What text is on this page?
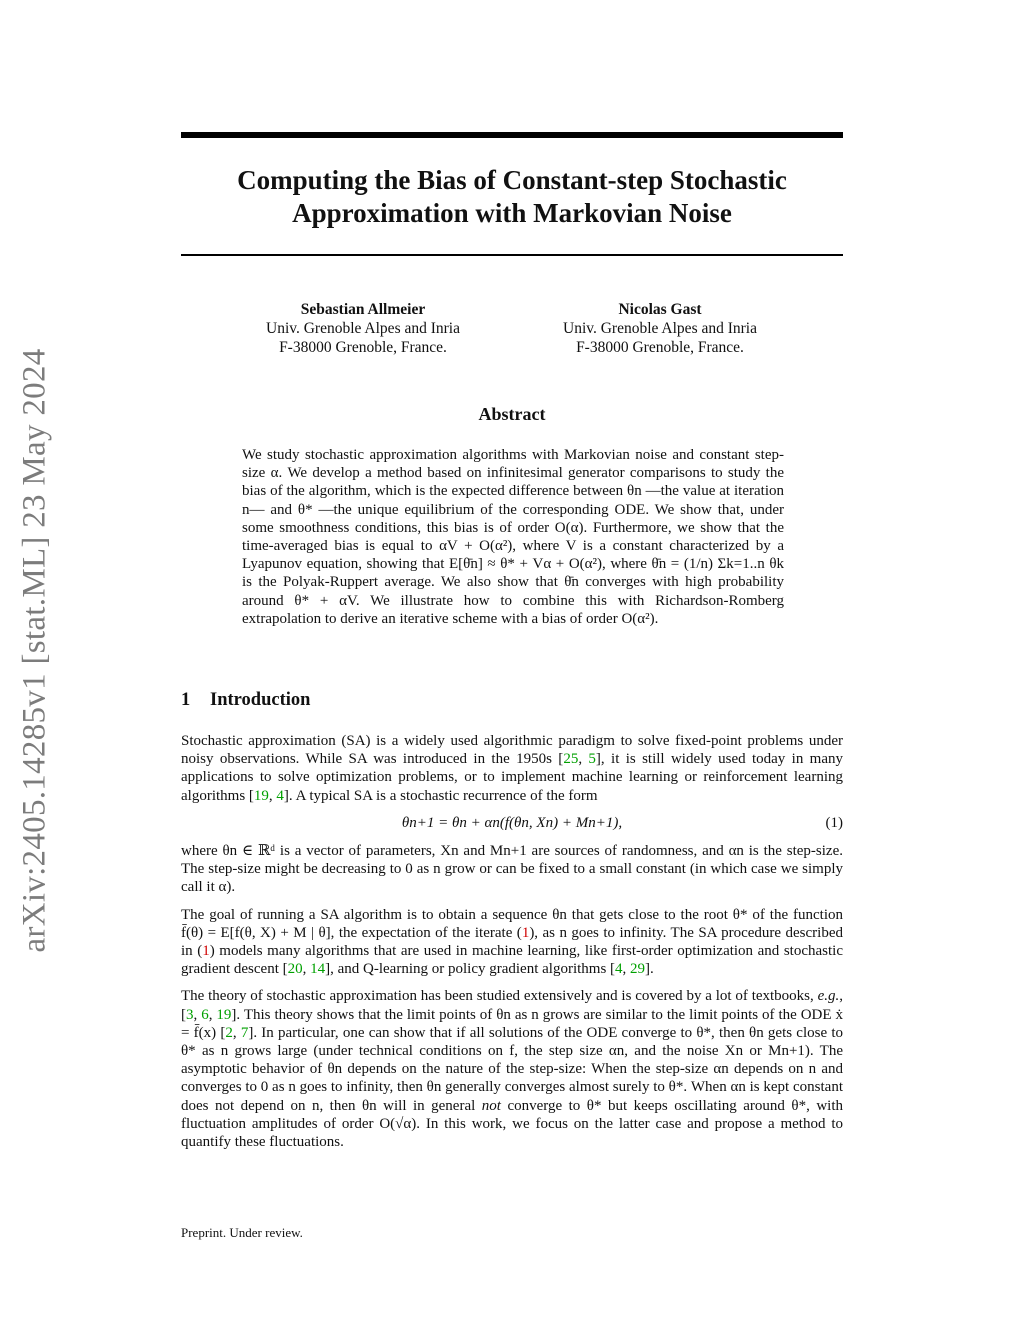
arXiv:2405.14285v1 [stat.ML] 23 May 2024
Computing the Bias of Constant-step Stochastic
Approximation with Markovian Noise
Sebastian Allmeier
Univ. Grenoble Alpes and Inria
F-38000 Grenoble, France.
Nicolas Gast
Univ. Grenoble Alpes and Inria
F-38000 Grenoble, France.
Abstract
We study stochastic approximation algorithms with Markovian noise and constant step-size α. We develop a method based on infinitesimal generator comparisons to study the bias of the algorithm, which is the expected difference between θn —the value at iteration n— and θ* —the unique equilibrium of the corresponding ODE. We show that, under some smoothness conditions, this bias is of order O(α). Furthermore, we show that the time-averaged bias is equal to αV + O(α²), where V is a constant characterized by a Lyapunov equation, showing that E[θ̄n] ≈ θ* + Vα + O(α²), where θ̄n = (1/n) Σk=1..n θk is the Polyak-Ruppert average. We also show that θ̄n converges with high probability around θ* + αV. We illustrate how to combine this with Richardson-Romberg extrapolation to derive an iterative scheme with a bias of order O(α²).
1 Introduction

Stochastic approximation (SA) is a widely used algorithmic paradigm to solve fixed-point problems under noisy observations. While SA was introduced in the 1950s [25, 5], it is still widely used today in many applications to solve optimization problems, or to implement machine learning or reinforcement learning algorithms [19, 4]. A typical SA is a stochastic recurrence of the form

θn+1 = θn + αn(f(θn, Xn) + Mn+1),	(1)

where θn ∈ ℝᵈ is a vector of parameters, Xn and Mn+1 are sources of randomness, and αn is the step-size. The step-size might be decreasing to 0 as n grow or can be fixed to a small constant (in which case we simply call it α).

The goal of running a SA algorithm is to obtain a sequence θn that gets close to the root θ* of the function f̄(θ) = E[f(θ, X) + M | θ], the expectation of the iterate (1), as n goes to infinity. The SA procedure described in (1) models many algorithms that are used in machine learning, like first-order optimization and stochastic gradient descent [20, 14], and Q-learning or policy gradient algorithms [4, 29].

The theory of stochastic approximation has been studied extensively and is covered by a lot of textbooks, e.g., [3, 6, 19]. This theory shows that the limit points of θn as n grows are similar to the limit points of the ODE ẋ = f̄(x) [2, 7]. In particular, one can show that if all solutions of the ODE converge to θ*, then θn gets close to θ* as n grows large (under technical conditions on f, the step size αn, and the noise Xn or Mn+1). The asymptotic behavior of θn depends on the nature of the step-size: When the step-size αn depends on n and converges to 0 as n goes to infinity, then θn generally converges almost surely to θ*. When αn is kept constant does not depend on n, then θn will in general not converge to θ* but keeps oscillating around θ*, with fluctuation amplitudes of order O(√α). In this work, we focus on the latter case and propose a method to quantify these fluctuations.

Preprint. Under review.
